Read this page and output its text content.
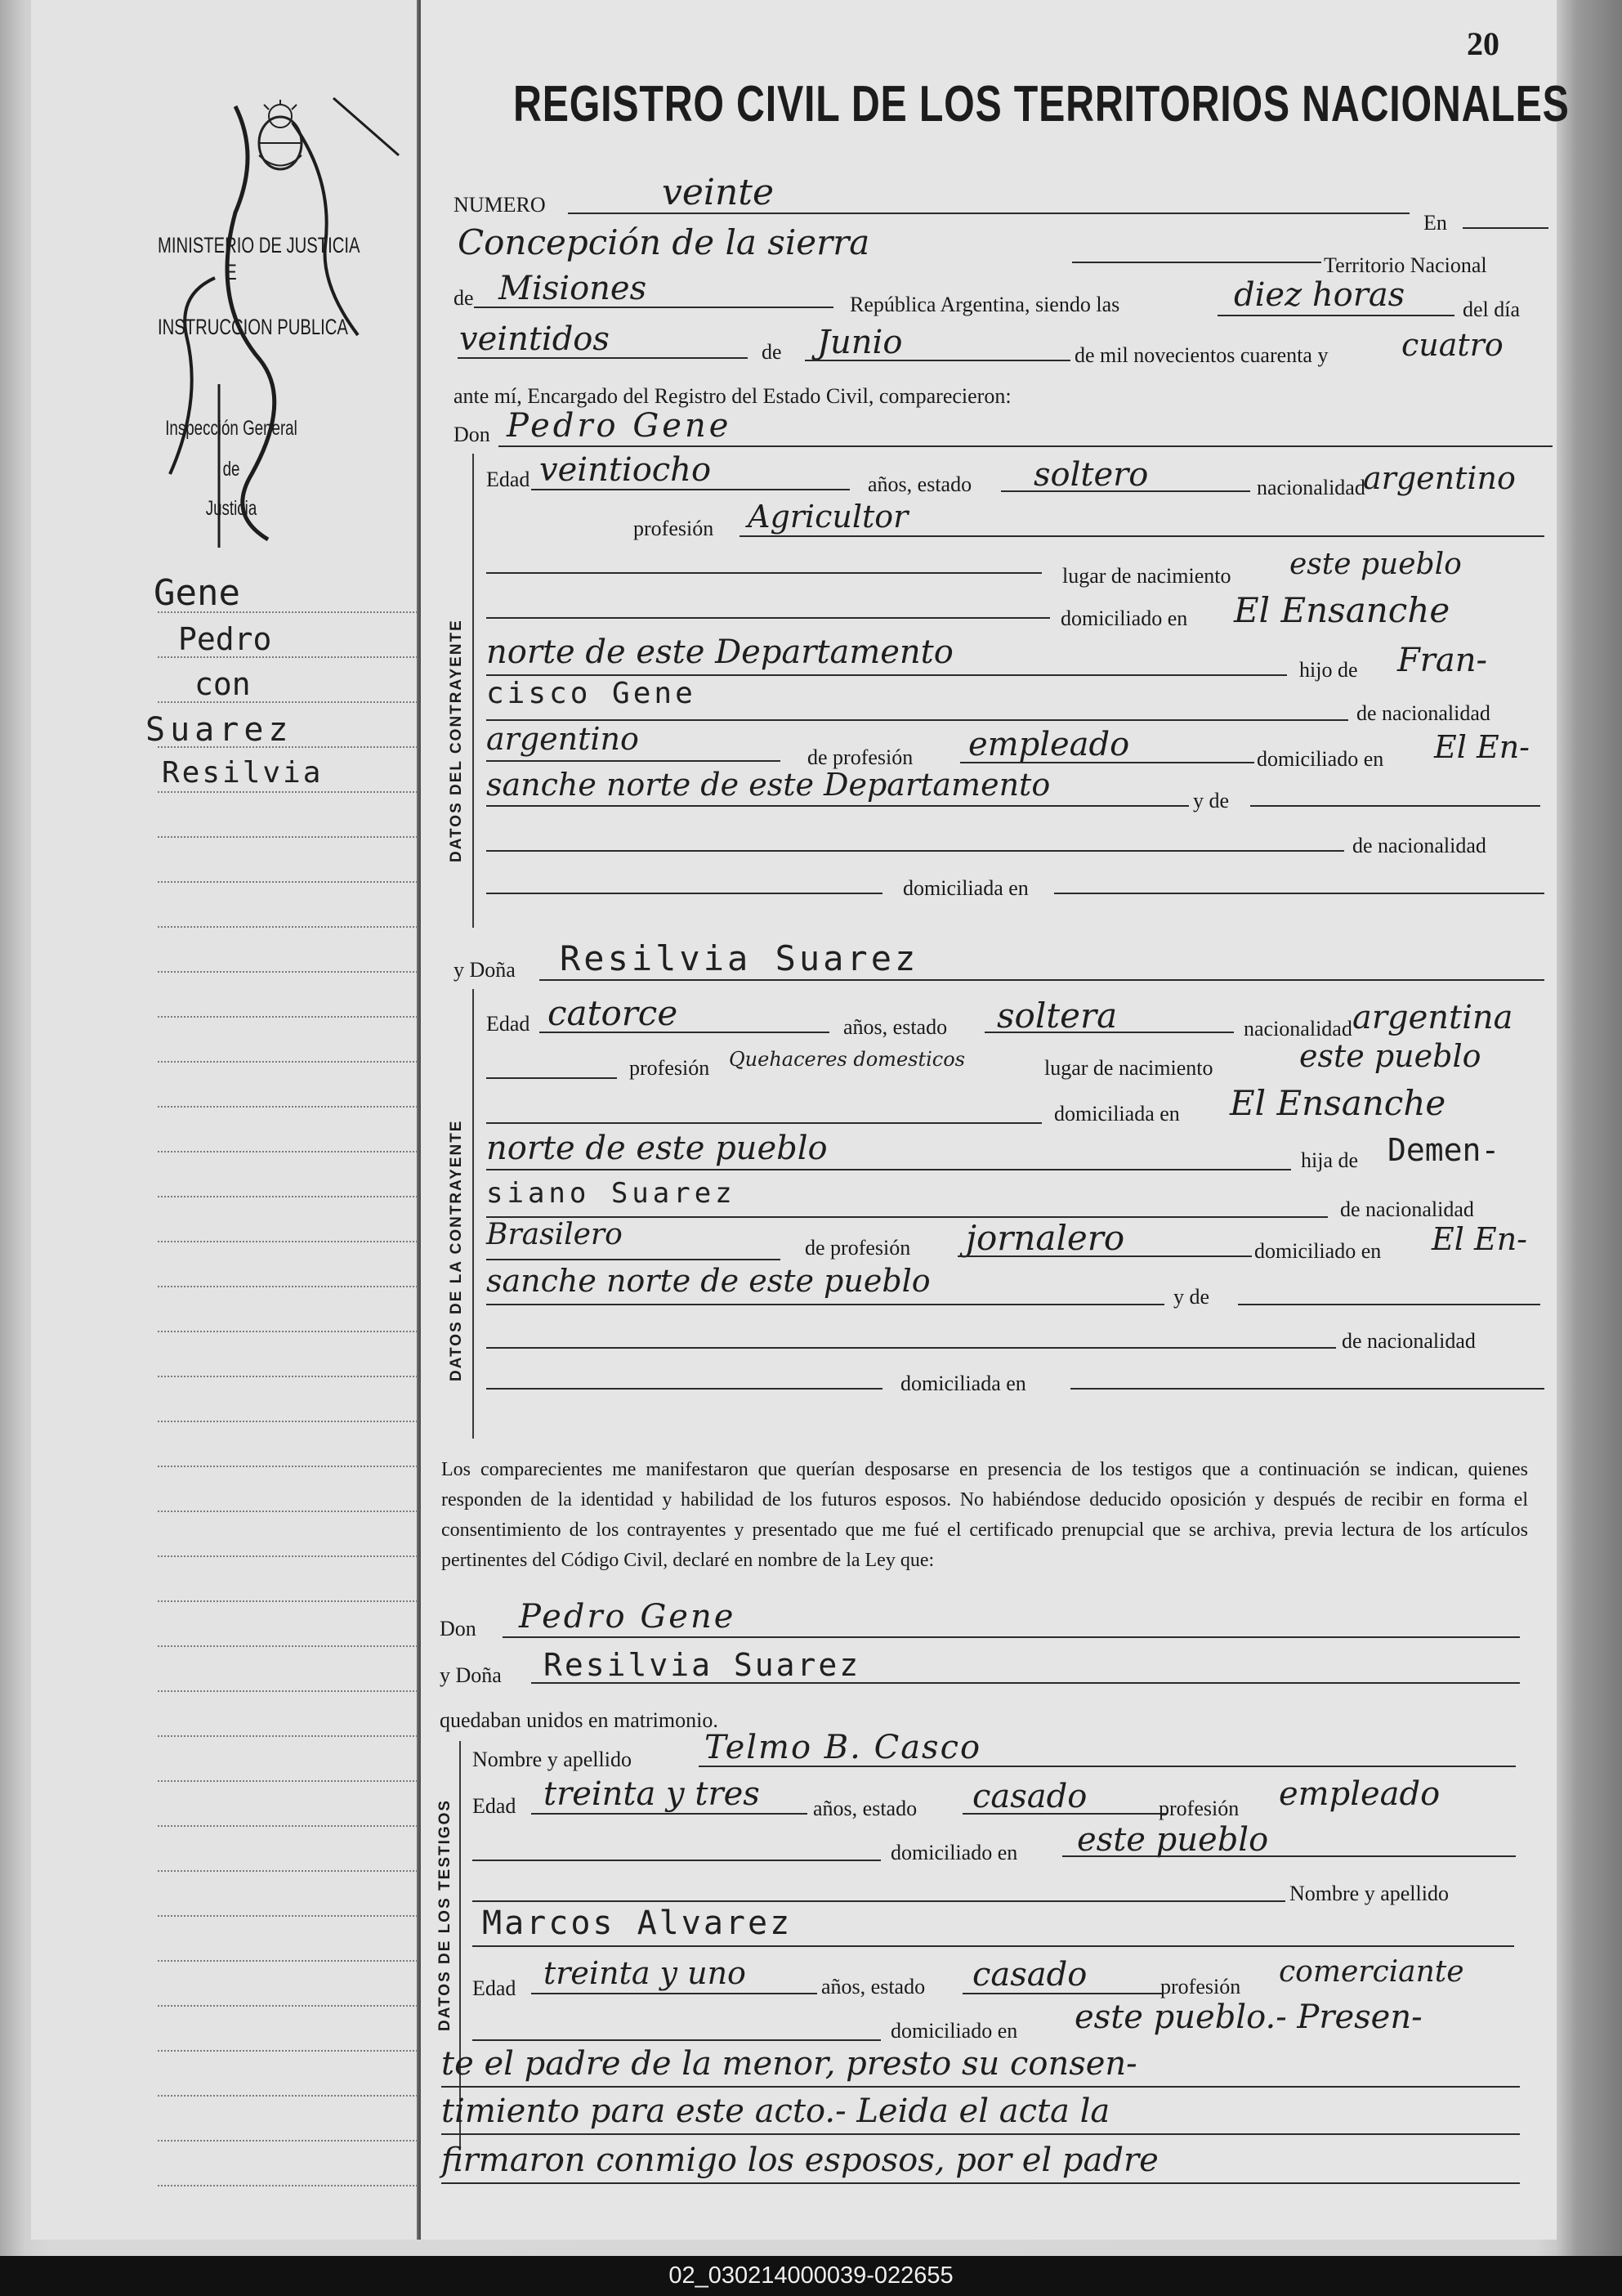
MINISTERIO DE JUSTICIA
E
INSTRUCCION PUBLICA
Inspección General
de
Justicia
Gene
Pedro
con
Suarez
Resilvia
20
REGISTRO CIVIL DE LOS TERRITORIOS NACIONALES
NUMERO	veinte
En
Concepción de la sierra
Territorio Nacional
de Misiones	República Argentina, siendo las	diez horas	del día
veintidos	de Junio	de mil novecientos cuarenta y cuatro
ante mí, Encargado del Registro del Estado Civil, comparecieron:
Don Pedro Gene
DATOS DEL CONTRAYENTE
Edad veintiocho	años, estado soltero	nacionalidad
argentino
profesión Agricultor
lugar de nacimiento este pueblo
domiciliado en El Ensanche
norte de este Departamento	hijo de Fran-
cisco Gene
de nacionalidad
argentino
de profesión empleado	domiciliado en El En-
sanche norte de este Departamento	y de
de nacionalidad
domiciliada en
y Doña Resilvia Suarez
DATOS DE LA CONTRAYENTE
Edad catorce	años, estado soltera	nacionalidad argentina
profesión Quehaceres domesticos	lugar de nacimiento	este pueblo
domiciliada en El Ensanche
norte de este pueblo	hija de Demen-
siano Suarez	de nacionalidad
Brasilero	de profesión jornalero	domiciliado en El En-
sanche norte de este pueblo	y de
de nacionalidad
domiciliada en
Los comparecientes me manifestaron que querían desposarse en presencia de los testigos que a continuación se indican, quienes responden de la identidad y habilidad de los futuros esposos. No habiéndose deducido oposición y después de recibir en forma el consentimiento de los contrayentes y presentado que me fué el certificado prenupcial que se archiva, previa lectura de los artículos pertinentes del Código Civil, declaré en nombre de la Ley que:
Don Pedro Gene
y Doña Resilvia Suarez
quedaban unidos en matrimonio.
DATOS DE LOS TESTIGOS
Nombre y apellido Telmo B. Casco
Edad treinta y tres	años, estado casado	profesión empleado
domiciliado en este pueblo
Nombre y apellido
Marcos Alvarez
Edad treinta y uno	años, estado casado	profesión comerciante
domiciliado en este pueblo.- Presen-
te el padre de la menor, presto su consen-
timiento para este acto.- Leida el acta la
firmaron conmigo los esposos, por el padre
02_030214000039-022655
